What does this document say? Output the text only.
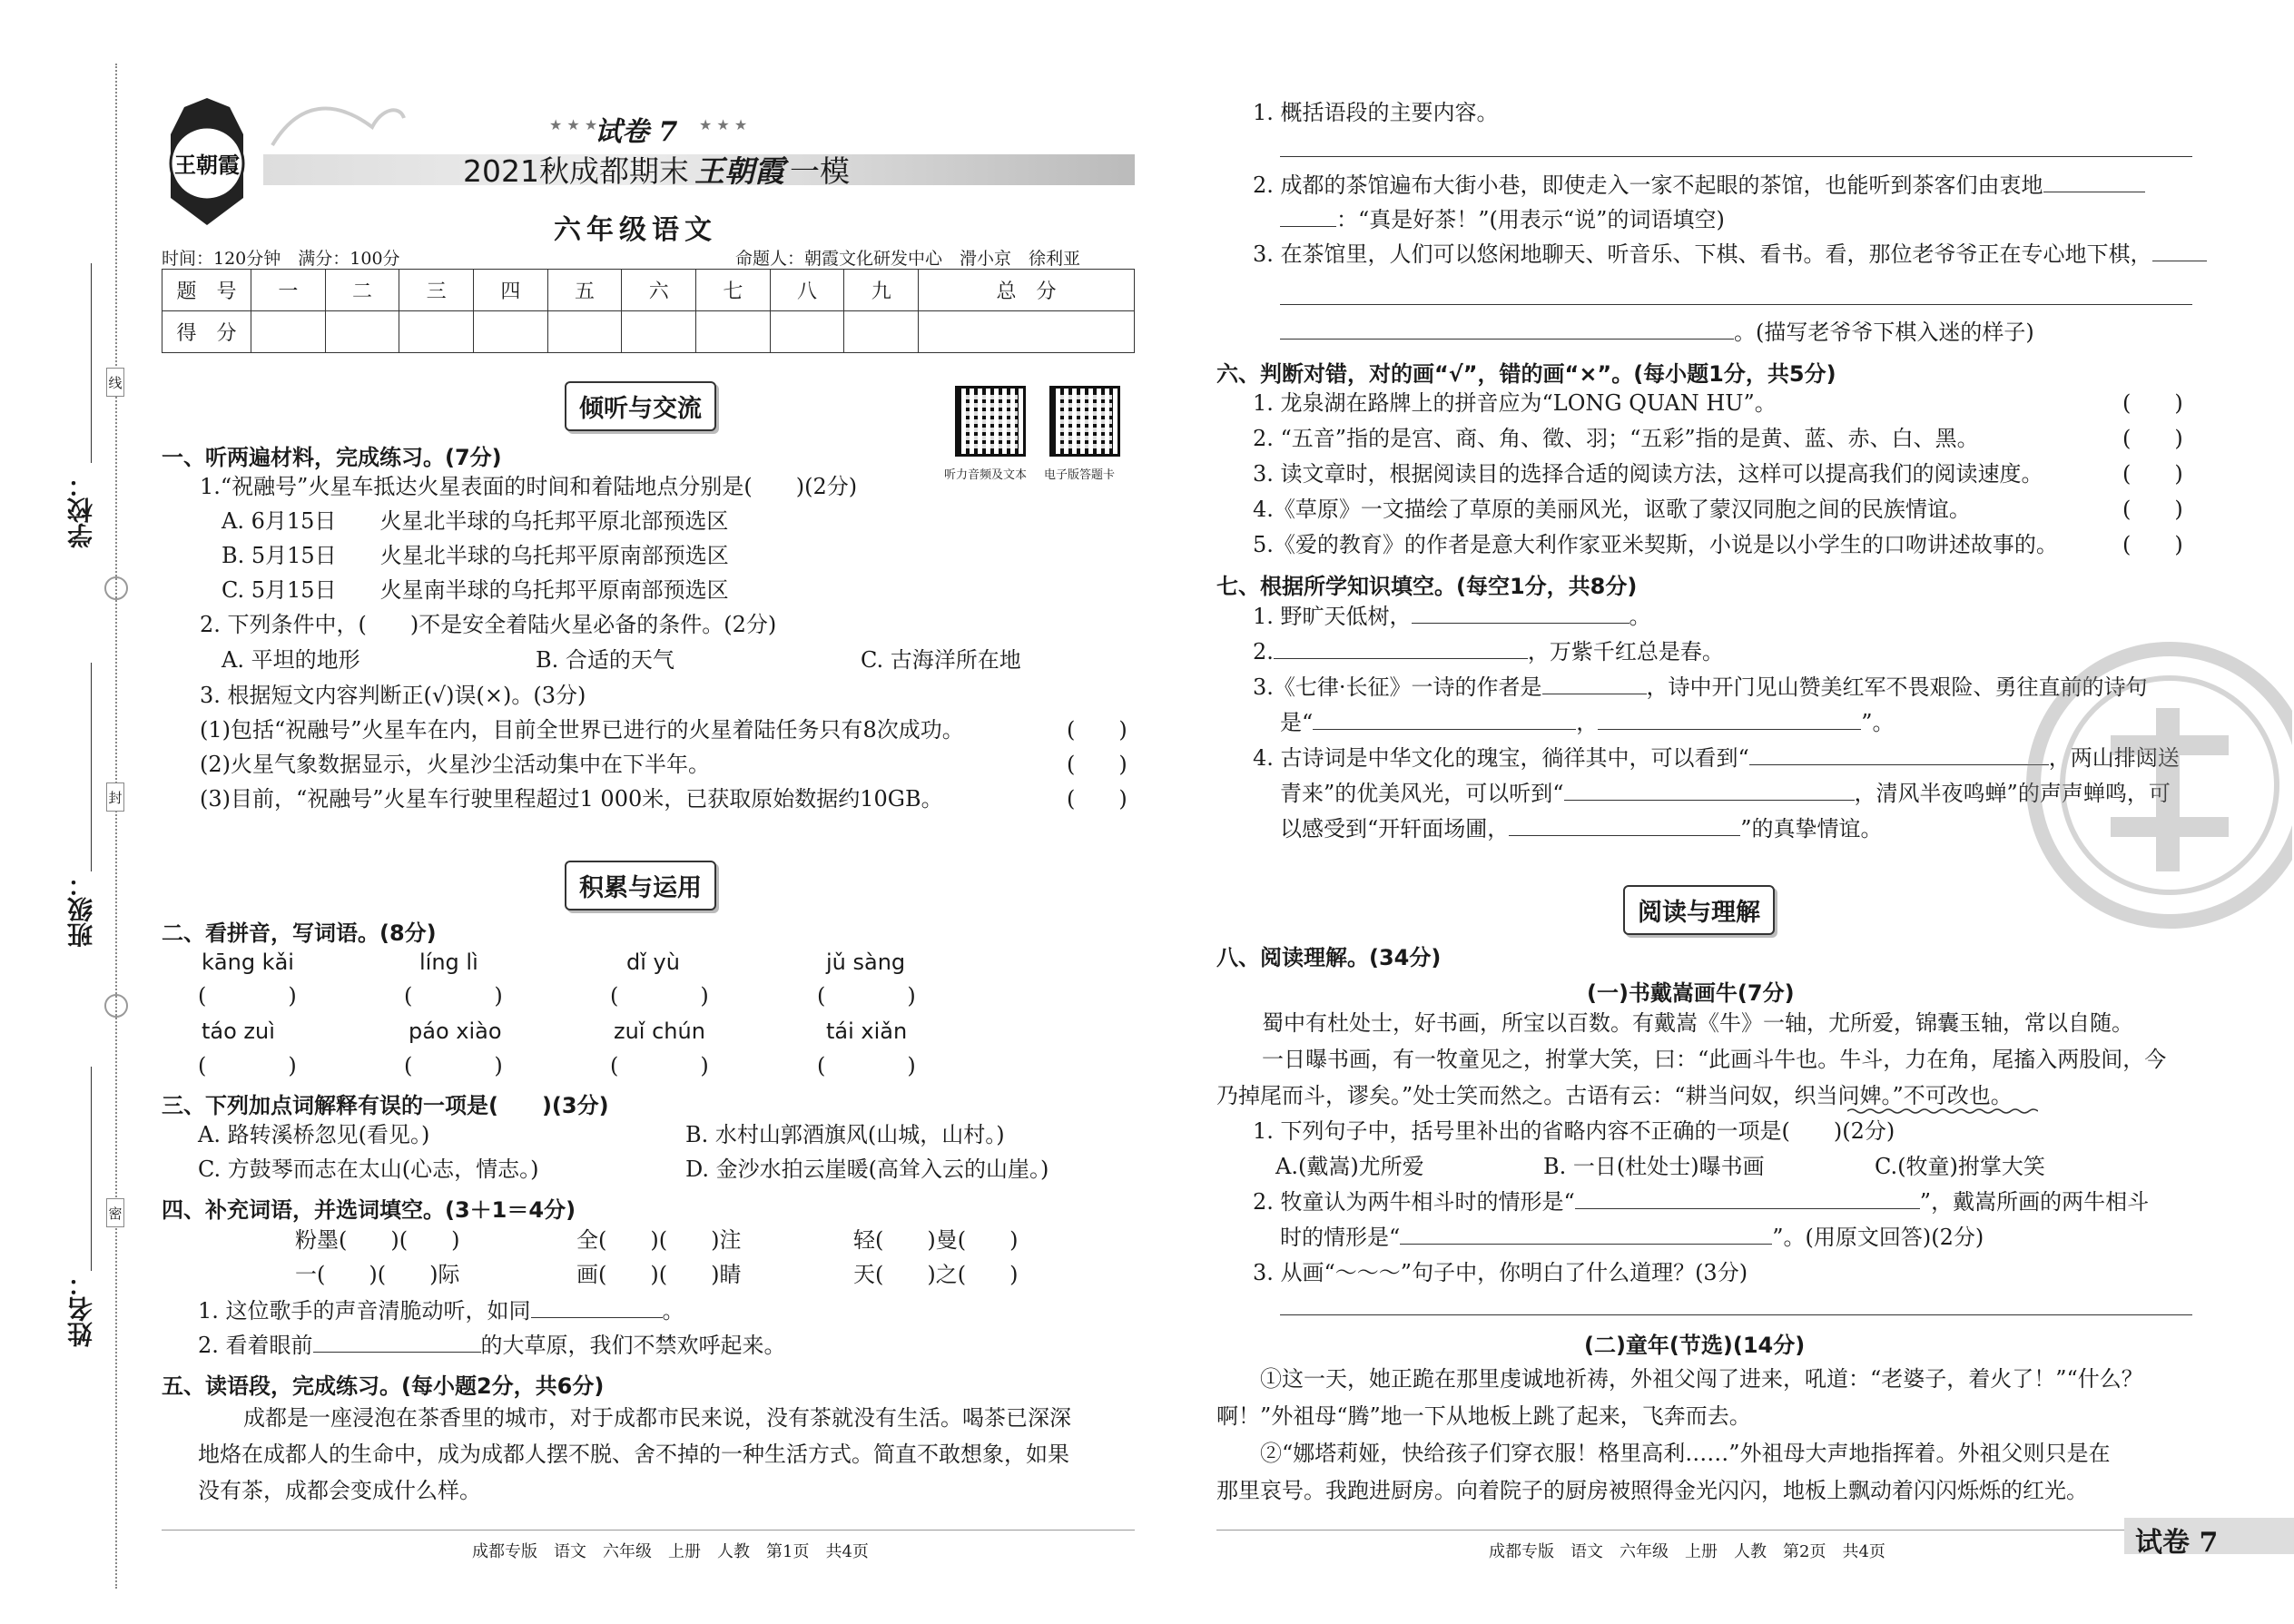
线
封
密
学校：
班级：
姓名：
王朝霞
试卷 7
★ ★ ★	★ ★ ★
2021秋成都期末 王朝霞 一模
六年级语文
时间：120分钟　满分：100分	命题人：朝霞文化研发中心　滑小京　徐利亚
题　号	一	二	三	四	五	六	七	八	九	总　分
得　分										
听力音频及文本 电子版答题卡
倾听与交流
一、听两遍材料，完成练习。(7分)
1.“祝融号”火星车抵达火星表面的时间和着陆地点分别是(　　)(2分)
A. 6月15日　　火星北半球的乌托邦平原北部预选区
B. 5月15日　　火星北半球的乌托邦平原南部预选区
C. 5月15日　　火星南半球的乌托邦平原南部预选区
2. 下列条件中，(　　)不是安全着陆火星必备的条件。(2分)
A. 平坦的地形	B. 合适的天气	C. 古海洋所在地
3. 根据短文内容判断正(√)误(×)。(3分)
(1)包括“祝融号”火星车在内，目前全世界已进行的火星着陆任务只有8次成功。	(　　)
(2)火星气象数据显示，火星沙尘活动集中在下半年。	(　　)
(3)目前，“祝融号”火星车行驶里程超过1 000米，已获取原始数据约10GB。	(　　)
积累与运用
二、看拼音，写词语。(8分)
kāng kǎi	líng lì	dǐ yù	jǔ sàng
(　　)	(　　)	(　　)	(　　)
táo zuì	páo xiào	zuǐ chún	tái xiǎn
(　　)	(　　)	(　　)	(　　)
三、下列加点词解释有误的一项是(　　)(3分)
A. 路转溪桥忽见(看见。)	B. 水村山郭酒旗风(山城，山村。)
C. 方鼓琴而志在太山(心志，情志。)	D. 金沙水拍云崖暖(高耸入云的山崖。)
四、补充词语，并选词填空。(3＋1＝4分)
粉墨(　　)(　　)	全(　　)(　　)注	轻(　　)曼(　　)
一(　　)(　　)际	画(　　)(　　)睛	天(　　)之(　　)
1. 这位歌手的声音清脆动听，如同	。
2. 看着眼前	的大草原，我们不禁欢呼起来。
五、读语段，完成练习。(每小题2分，共6分)
成都是一座浸泡在茶香里的城市，对于成都市民来说，没有茶就没有生活。喝茶已深深
地烙在成都人的生命中，成为成都人摆不脱、舍不掉的一种生活方式。简直不敢想象，如果
没有茶，成都会变成什么样。
成都专版　语文　六年级　上册　人教　第1页　共4页
1. 概括语段的主要内容。
2. 成都的茶馆遍布大街小巷，即使走入一家不起眼的茶馆，也能听到茶客们由衷地
：“真是好茶！”(用表示“说”的词语填空)
3. 在茶馆里，人们可以悠闲地聊天、听音乐、下棋、看书。看，那位老爷爷正在专心地下棋，
。(描写老爷爷下棋入迷的样子)
六、判断对错，对的画“√”，错的画“×”。(每小题1分，共5分)
1. 龙泉湖在路牌上的拼音应为“LONG QUAN HU”。	(　　)
2. “五音”指的是宫、商、角、徵、羽；“五彩”指的是黄、蓝、赤、白、黑。	(　　)
3. 读文章时，根据阅读目的选择合适的阅读方法，这样可以提高我们的阅读速度。	(　　)
4.《草原》一文描绘了草原的美丽风光，讴歌了蒙汉同胞之间的民族情谊。	(　　)
5.《爱的教育》的作者是意大利作家亚米契斯，小说是以小学生的口吻讲述故事的。	(　　)
七、根据所学知识填空。(每空1分，共8分)
1. 野旷天低树，	。
2.	，万紫千红总是春。
3.《七律·长征》一诗的作者是	，诗中开门见山赞美红军不畏艰险、勇往直前的诗句
是“	，	”。
4. 古诗词是中华文化的瑰宝，徜徉其中，可以看到“	，两山排闼送
青来”的优美风光，可以听到“	，清风半夜鸣蝉”的声声蝉鸣，可
以感受到“开轩面场圃，	”的真挚情谊。
阅读与理解
八、阅读理解。(34分)
(一)书戴嵩画牛(7分)
蜀中有杜处士，好书画，所宝以百数。有戴嵩《牛》一轴，尤所爱，锦囊玉轴，常以自随。
一日曝书画，有一牧童见之，拊掌大笑，曰：“此画斗牛也。牛斗，力在角，尾搐入两股间，今
乃掉尾而斗，谬矣。”处士笑而然之。古语有云：“耕当问奴，织当问婢。”不可改也。
1. 下列句子中，括号里补出的省略内容不正确的一项是(　　)(2分)
A.(戴嵩)尤所爱	B. 一日(杜处士)曝书画	C.(牧童)拊掌大笑
2. 牧童认为两牛相斗时的情形是“	”，戴嵩所画的两牛相斗
时的情形是“	”。(用原文回答)(2分)
3. 从画“～～～”句子中，你明白了什么道理？(3分)
(二)童年(节选)(14分)
①这一天，她正跪在那里虔诚地祈祷，外祖父闯了进来，吼道：“老婆子，着火了！”“什么？
啊！”外祖母“腾”地一下从地板上跳了起来，飞奔而去。
②“娜塔莉娅，快给孩子们穿衣服！格里高利……”外祖母大声地指挥着。外祖父则只是在
那里哀号。我跑进厨房。向着院子的厨房被照得金光闪闪，地板上飘动着闪闪烁烁的红光。
成都专版　语文　六年级　上册　人教　第2页　共4页	试卷 7
